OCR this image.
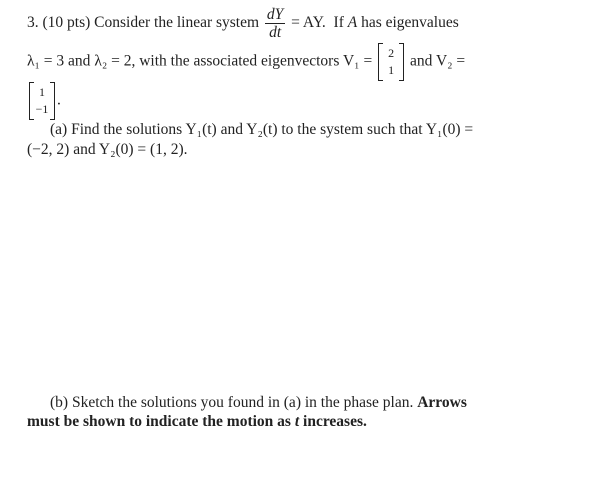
3. (10 pts) Consider the linear system $\frac{dY}{dt}$ = AY. If A has eigenvalues
λ₁ = 3 and λ₂ = 2, with the associated eigenvectors V₁ =	2
1
and V₂ =
1
−1
.
(a) Find the solutions Y₁(t) and Y₂(t) to the system such that Y₁(0) =
(−2, 2) and Y₂(0) = (1, 2).
(b) Sketch the solutions you found in (a) in the phase plan. Arrows
must be shown to indicate the motion as t increases.
